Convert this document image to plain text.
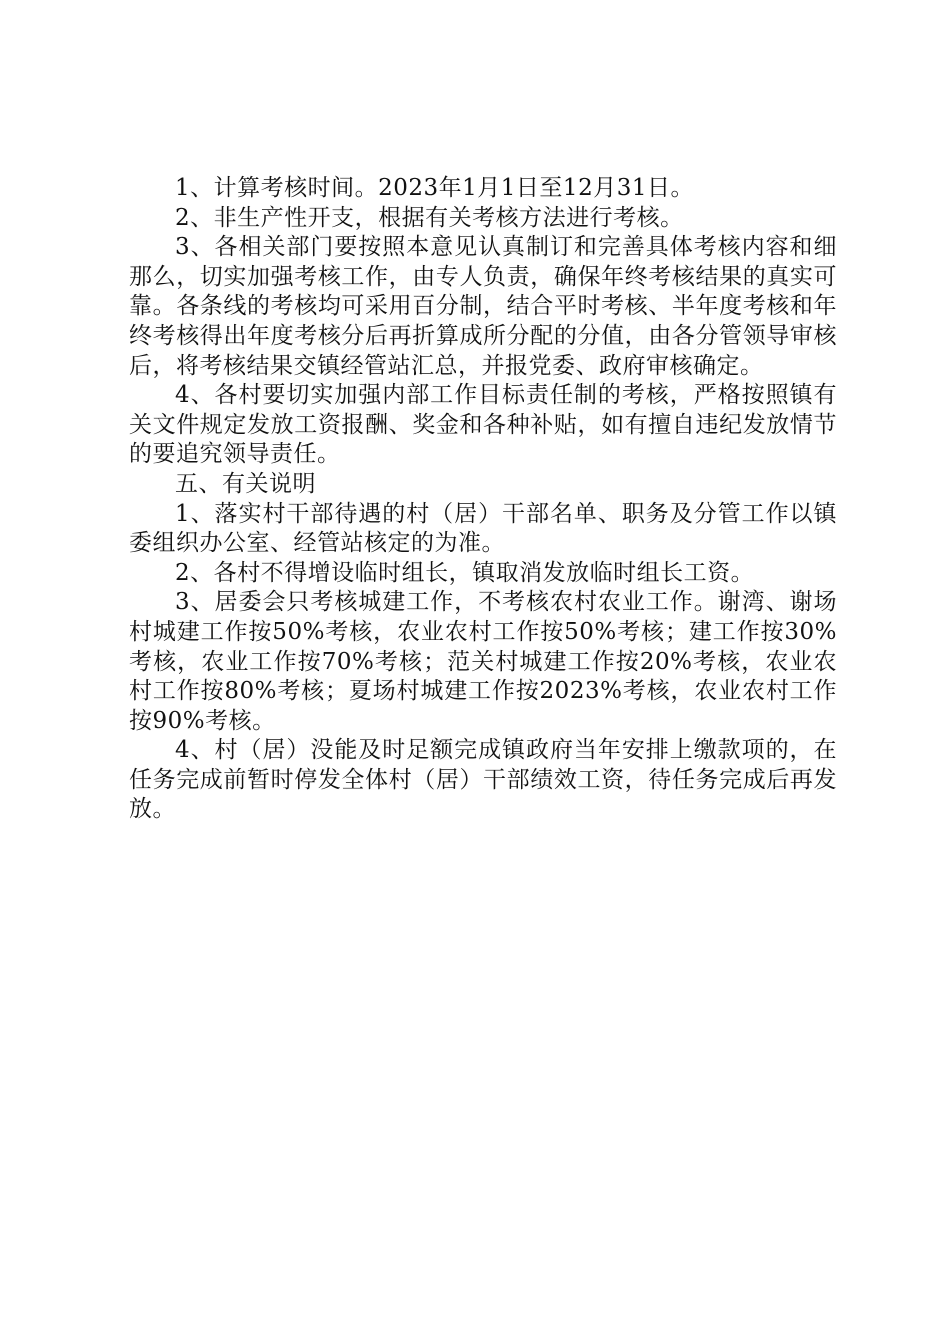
1、计算考核时间。2023年1月1日至12月31日。

2、非生产性开支，根据有关考核方法进行考核。

3、各相关部门要按照本意见认真制订和完善具体考核内容和细那么，切实加强考核工作，由专人负责，确保年终考核结果的真实可靠。各条线的考核均可采用百分制，结合平时考核、半年度考核和年终考核得出年度考核分后再折算成所分配的分值，由各分管领导审核后，将考核结果交镇经管站汇总，并报党委、政府审核确定。

4、各村要切实加强内部工作目标责任制的考核，严格按照镇有关文件规定发放工资报酬、奖金和各种补贴，如有擅自违纪发放情节的要追究领导责任。

五、有关说明

1、落实村干部待遇的村（居）干部名单、职务及分管工作以镇委组织办公室、经管站核定的为准。

2、各村不得增设临时组长，镇取消发放临时组长工资。

3、居委会只考核城建工作，不考核农村农业工作。谢湾、谢场村城建工作按50%考核，农业农村工作按50%考核；建工作按30%考核，农业工作按70%考核；范关村城建工作按20%考核，农业农村工作按80%考核；夏场村城建工作按2023%考核，农业农村工作按90%考核。

4、村（居）没能及时足额完成镇政府当年安排上缴款项的，在任务完成前暂时停发全体村（居）干部绩效工资，待任务完成后再发放。
